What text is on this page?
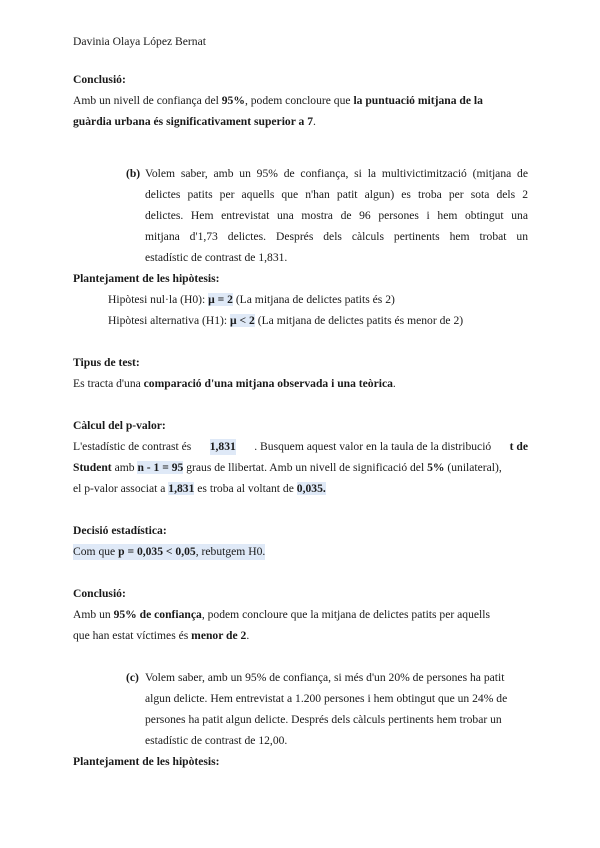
Davinia Olaya López Bernat
Conclusió:
Amb un nivell de confiança del 95%, podem concloure que la puntuació mitjana de la
guàrdia urbana és significativament superior a 7.
(b) Volem saber, amb un 95% de confiança, si la multivictimització (mitjana de
delictes patits per aquells que n'han patit algun) es troba per sota dels 2
delictes. Hem entrevistat una mostra de 96 persones i hem obtingut una
mitjana d'1,73 delictes. Després dels càlculs pertinents hem trobat un
estadístic de contrast de 1,831.
Plantejament de les hipòtesis:
Hipòtesi nul·la (H0): μ = 2 (La mitjana de delictes patits és 2)
Hipòtesi alternativa (H1): μ < 2 (La mitjana de delictes patits és menor de 2)
Tipus de test:
Es tracta d'una comparació d'una mitjana observada i una teòrica.
Càlcul del p-valor:
L'estadístic de contrast és 1,831 . Busquem aquest valor en la taula de la distribució t de
Student amb n - 1 = 95 graus de llibertat. Amb un nivell de significació del 5% (unilateral),
el p-valor associat a 1,831 es troba al voltant de 0,035.
Decisió estadística:
Com que p = 0,035 < 0,05, rebutgem H0.
Conclusió:
Amb un 95% de confiança, podem concloure que la mitjana de delictes patits per aquells
que han estat víctimes és menor de 2.
(c) Volem saber, amb un 95% de confiança, si més d'un 20% de persones ha patit
algun delicte. Hem entrevistat a 1.200 persones i hem obtingut que un 24% de
persones ha patit algun delicte. Després dels càlculs pertinents hem trobar un
estadístic de contrast de 12,00.
Plantejament de les hipòtesis:
